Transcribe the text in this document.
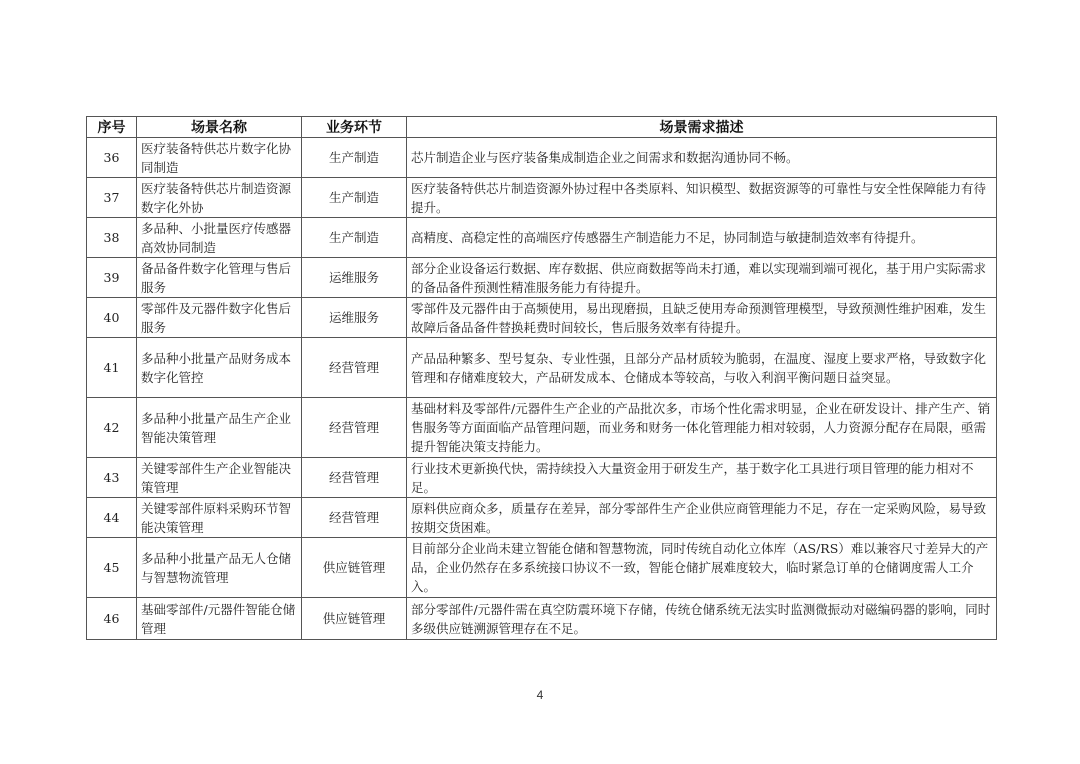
序号	场景名称	业务环节	场景需求描述
36	医疗装备特供芯片数字化协同制造	生产制造	芯片制造企业与医疗装备集成制造企业之间需求和数据沟通协同不畅。
37	医疗装备特供芯片制造资源数字化外协	生产制造	医疗装备特供芯片制造资源外协过程中各类原料、知识模型、数据资源等的可靠性与安全性保障能力有待提升。
38	多品种、小批量医疗传感器高效协同制造	生产制造	高精度、高稳定性的高端医疗传感器生产制造能力不足，协同制造与敏捷制造效率有待提升。
39	备品备件数字化管理与售后服务	运维服务	部分企业设备运行数据、库存数据、供应商数据等尚未打通，难以实现端到端可视化，基于用户实际需求的备品备件预测性精准服务能力有待提升。
40	零部件及元器件数字化售后服务	运维服务	零部件及元器件由于高频使用，易出现磨损，且缺乏使用寿命预测管理模型，导致预测性维护困难，发生故障后备品备件替换耗费时间较长，售后服务效率有待提升。
41	多品种小批量产品财务成本数字化管控	经营管理	产品品种繁多、型号复杂、专业性强，且部分产品材质较为脆弱，在温度、湿度上要求严格，导致数字化管理和存储难度较大，产品研发成本、仓储成本等较高，与收入利润平衡问题日益突显。
42	多品种小批量产品生产企业智能决策管理	经营管理	基础材料及零部件/元器件生产企业的产品批次多，市场个性化需求明显，企业在研发设计、排产生产、销售服务等方面面临产品管理问题，而业务和财务一体化管理能力相对较弱，人力资源分配存在局限，亟需提升智能决策支持能力。
43	关键零部件生产企业智能决策管理	经营管理	行业技术更新换代快，需持续投入大量资金用于研发生产，基于数字化工具进行项目管理的能力相对不足。
44	关键零部件原料采购环节智能决策管理	经营管理	原料供应商众多，质量存在差异，部分零部件生产企业供应商管理能力不足，存在一定采购风险，易导致按期交货困难。
45	多品种小批量产品无人仓储与智慧物流管理	供应链管理	目前部分企业尚未建立智能仓储和智慧物流，同时传统自动化立体库（AS/RS）难以兼容尺寸差异大的产品，企业仍然存在多系统接口协议不一致，智能仓储扩展难度较大，临时紧急订单的仓储调度需人工介入。
46	基础零部件/元器件智能仓储管理	供应链管理	部分零部件/元器件需在真空防震环境下存储，传统仓储系统无法实时监测微振动对磁编码器的影响，同时多级供应链溯源管理存在不足。
4
